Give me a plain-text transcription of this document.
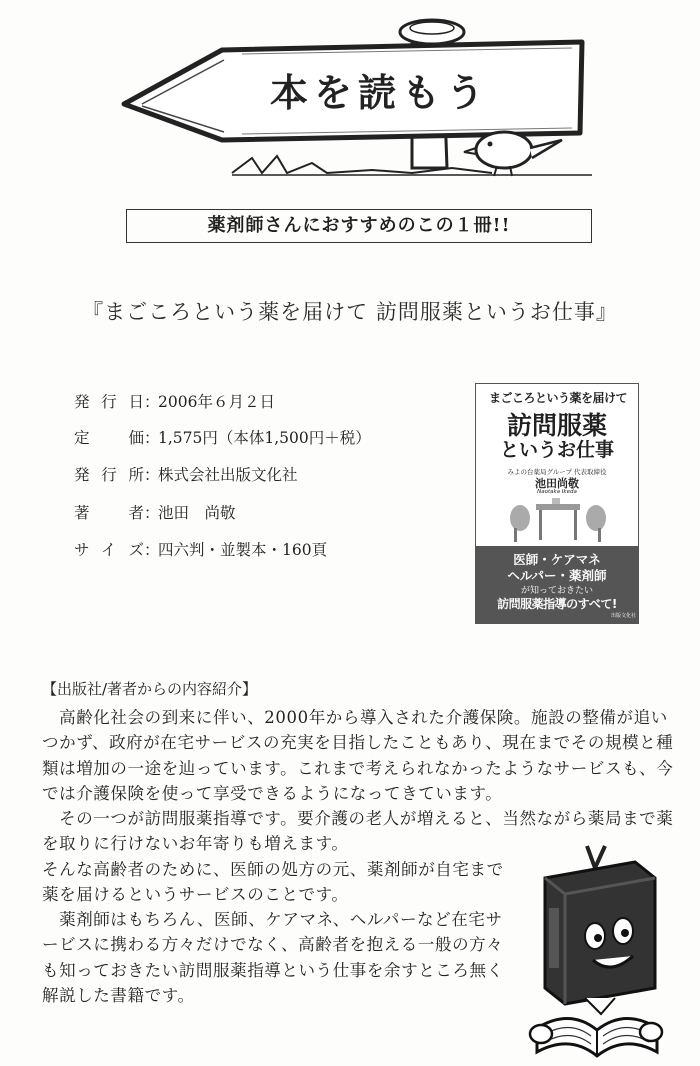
本を読もう
薬剤師さんにおすすめのこの１冊!!
『まごころという薬を届けて 訪問服薬というお仕事』
発行日：2006年６月２日
定価：1,575円（本体1,500円＋税）
発行所：株式会社出版文化社
著者：池田　尚敬
サイズ：四六判・並製本・160頁
まごころという薬を届けて
訪問服薬
というお仕事
みよの台薬局グループ 代表取締役
池田尚敬
Naotaka Ikeda
医師・ケアマネ
ヘルパー・薬剤師
が知っておきたい
訪問服薬指導のすべて!
出版文化社
【出版社/著者からの内容紹介】
　高齢化社会の到来に伴い、2000年から導入された介護保険。施設の整備が追いつかず、政府が在宅サービスの充実を目指したこともあり、現在までその規模と種類は増加の一途を辿っています。これまで考えられなかったようなサービスも、今では介護保険を使って享受できるようになってきています。
　その一つが訪問服薬指導です。要介護の老人が増えると、当然ながら薬局まで薬を取りに行けないお年寄りも増えます。
そんな高齢者のために、医師の処方の元、薬剤師が自宅まで薬を届けるというサービスのことです。
　薬剤師はもちろん、医師、ケアマネ、ヘルパーなど在宅サービスに携わる方々だけでなく、高齢者を抱える一般の方々も知っておきたい訪問服薬指導という仕事を余すところ無く解説した書籍です。
